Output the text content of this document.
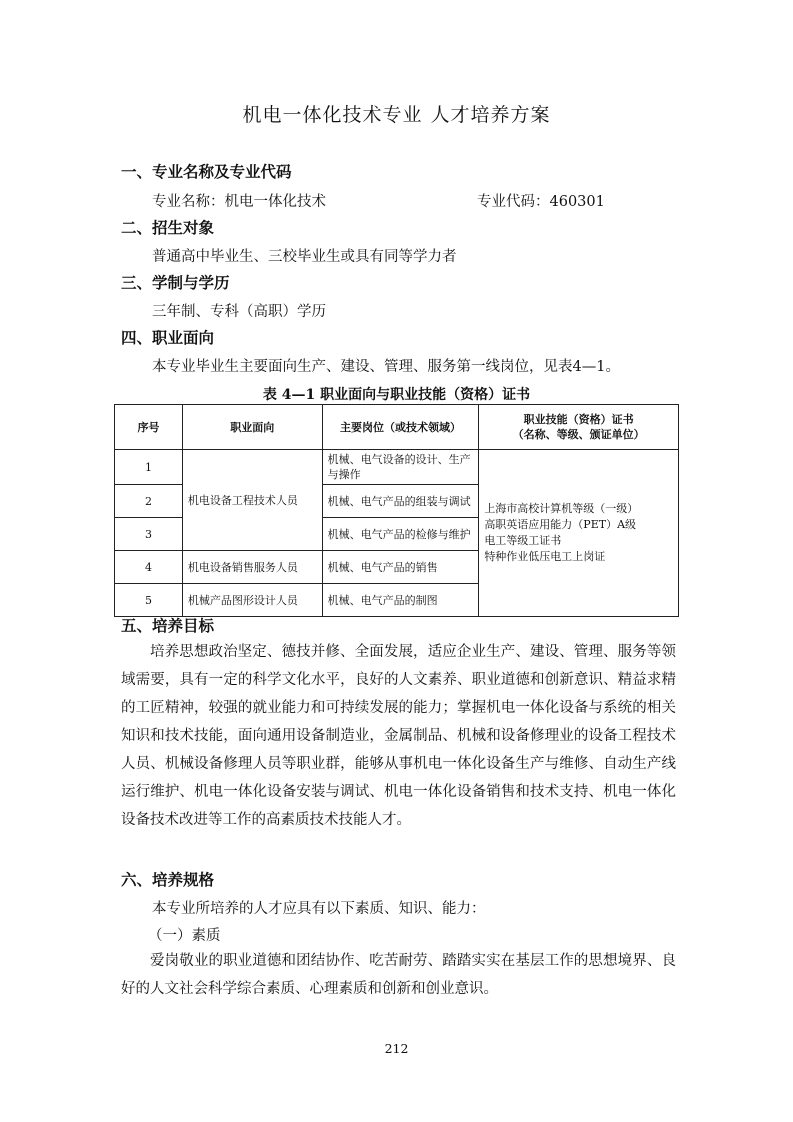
机电一体化技术专业 人才培养方案
一、专业名称及专业代码
专业名称：机电一体化技术	专业代码：460301
二、招生对象
普通高中毕业生、三校毕业生或具有同等学力者
三、学制与学历
三年制、专科（高职）学历
四、职业面向
本专业毕业生主要面向生产、建设、管理、服务第一线岗位，见表4—1。
表 4—1 职业面向与职业技能（资格）证书
序号	职业面向	主要岗位（或技术领域）	职业技能（资格）证书
（名称、等级、颁证单位）

1	机电设备工程技术人员	机械、电气设备的设计、生产与操作	上海市高校计算机等级（一级）
高职英语应用能力（PET）A级
电工等级工证书
特种作业低压电工上岗证

2		机械、电气产品的组装与调试	
3		机械、电气产品的检修与维护	
4	机电设备销售服务人员	机械、电气产品的销售	
5	机械产品图形设计人员	机械、电气产品的制图	
五、培养目标
培养思想政治坚定、德技并修、全面发展，适应企业生产、建设、管理、服务等领域需要，具有一定的科学文化水平，良好的人文素养、职业道德和创新意识、精益求精的工匠精神，较强的就业能力和可持续发展的能力；掌握机电一体化设备与系统的相关知识和技术技能，面向通用设备制造业，金属制品、机械和设备修理业的设备工程技术人员、机械设备修理人员等职业群，能够从事机电一体化设备生产与维修、自动生产线运行维护、机电一体化设备安装与调试、机电一体化设备销售和技术支持、机电一体化设备技术改进等工作的高素质技术技能人才。
六、培养规格
本专业所培养的人才应具有以下素质、知识、能力：
（一）素质
爱岗敬业的职业道德和团结协作、吃苦耐劳、踏踏实实在基层工作的思想境界、良好的人文社会科学综合素质、心理素质和创新和创业意识。
212
